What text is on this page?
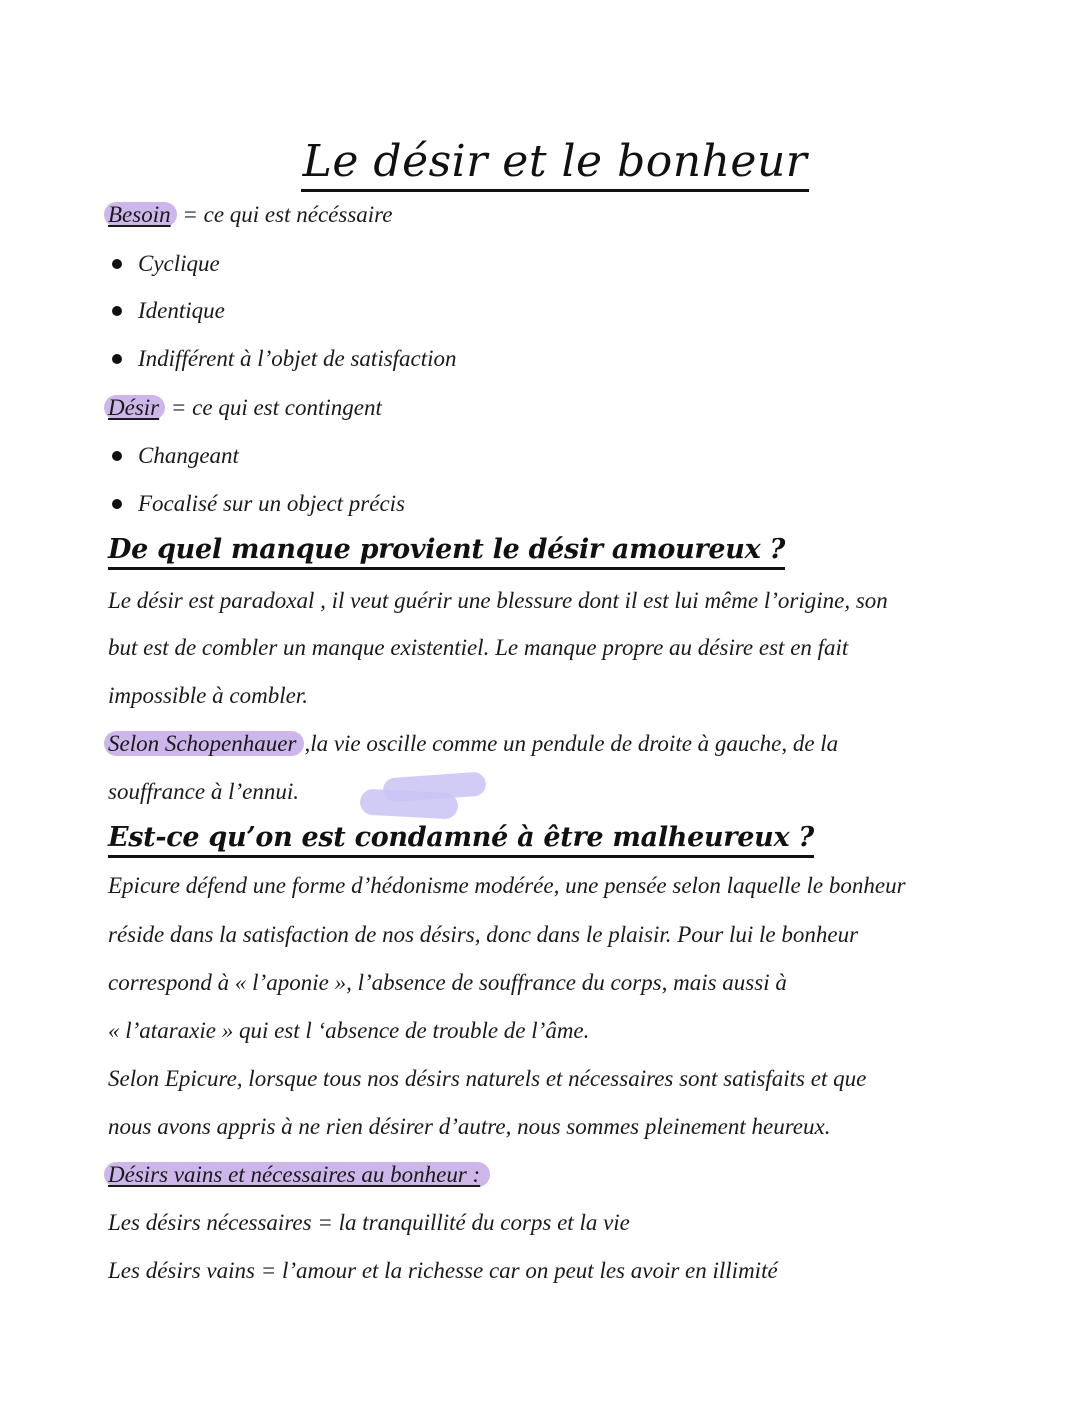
Le désir et le bonheur
Besoin = ce qui est nécéssaire
Cyclique
Identique
Indifférent à l’objet de satisfaction
Désir = ce qui est contingent
Changeant
Focalisé sur un object précis
De quel manque provient le désir amoureux ?
Le désir est paradoxal , il veut guérir une blessure dont il est lui même l’origine, son
but est de combler un manque existentiel. Le manque propre au désire est en fait
impossible à combler.
Selon Schopenhauer ,la vie oscille comme un pendule de droite à gauche, de la
souffrance à l’ennui.
Est-ce qu’on est condamné à être malheureux ?
Epicure défend une forme d’hédonisme modérée, une pensée selon laquelle le bonheur
réside dans la satisfaction de nos désirs, donc dans le plaisir. Pour lui le bonheur
correspond à « l’aponie », l’absence de souffrance du corps, mais aussi à
« l’ataraxie » qui est l ‘absence de trouble de l’âme.
Selon Epicure, lorsque tous nos désirs naturels et nécessaires sont satisfaits et que
nous avons appris à ne rien désirer d’autre, nous sommes pleinement heureux.
Désirs vains et nécessaires au bonheur :
Les désirs nécessaires = la tranquillité du corps et la vie
Les désirs vains = l’amour et la richesse car on peut les avoir en illimité
